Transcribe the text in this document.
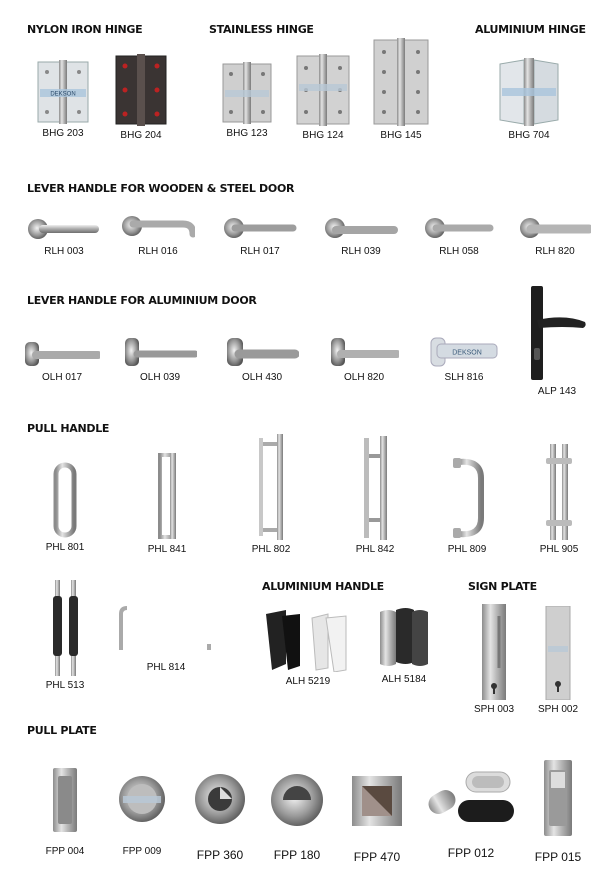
NYLON IRON HINGE	STAINLESS HINGE	ALUMINIUM HINGE
DEKSON
BHG 203	BHG 204	BHG 123	BHG 124	BHG 145	BHG 704
LEVER HANDLE FOR WOODEN & STEEL DOOR
RLH 003	RLH 016	RLH 017	RLH 039	RLH 058	RLH 820
LEVER HANDLE FOR ALUMINIUM DOOR
OLH 017	OLH 039	OLH 430	OLH 820
DEKSON
SLH 816
ALP 143
PULL HANDLE
PHL 801	PHL 841	PHL 802	PHL 842	PHL 809	PHL 905
PHL 513
PHL 814
ALUMINIUM HANDLE
ALH 5219	ALH 5184
SIGN PLATE
SPH 003 SPH 002
PULL PLATE
FPP 004	FPP 009	FPP 360	FPP 180	FPP 470	FPP 012	FPP 015
